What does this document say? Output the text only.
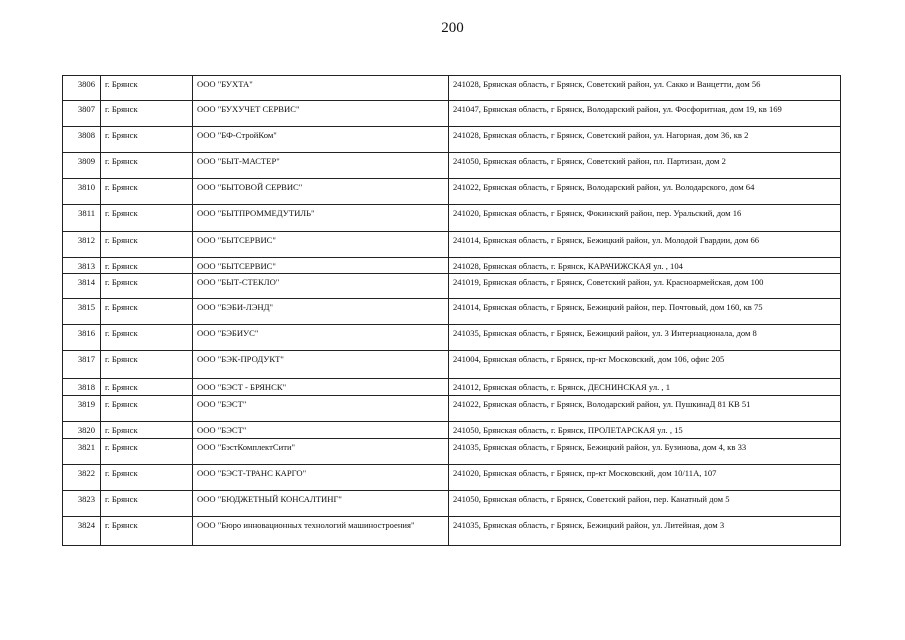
200
3806	г. Брянск	ООО "БУХТА"	241028, Брянская область, г Брянск, Советский район, ул. Сакко и Ванцетти, дом 56
3807	г. Брянск	ООО "БУХУЧЕТ СЕРВИС"	241047, Брянская область, г Брянск, Володарский район, ул. Фосфоритная, дом 19, кв 169
3808	г. Брянск	ООО "БФ-СтройКом"	241028, Брянская область, г Брянск, Советский район, ул. Нагорная, дом 36, кв 2
3809	г. Брянск	ООО "БЫТ-МАСТЕР"	241050, Брянская область, г Брянск, Советский район, пл. Партизан, дом 2
3810	г. Брянск	ООО "БЫТОВОЙ СЕРВИС"	241022, Брянская область, г Брянск, Володарский район, ул. Володарского, дом 64
3811	г. Брянск	ООО "БЫТПРОММЕДУТИЛЬ"	241020, Брянская область, г Брянск, Фокинский район, пер. Уральский, дом 16
3812	г. Брянск	ООО "БЫТСЕРВИС"	241014, Брянская область, г Брянск, Бежицкий район, ул. Молодой Гвардии, дом 66
3813	г. Брянск	ООО "БЫТСЕРВИС"	241028, Брянская область, г. Брянск, КАРАЧИЖСКАЯ ул. , 104
3814	г. Брянск	ООО "БЫТ-СТЕКЛО"	241019, Брянская область, г Брянск, Советский район, ул. Красноармейская, дом 100
3815	г. Брянск	ООО "БЭБИ-ЛЭНД"	241014, Брянская область, г Брянск, Бежицкий район, пер. Почтовый, дом 160, кв 75
3816	г. Брянск	ООО "БЭБИУС"	241035, Брянская область, г Брянск, Бежицкий район, ул. 3 Интернационала, дом 8
3817	г. Брянск	ООО "БЭК-ПРОДУКТ"	241004, Брянская область, г Брянск, пр-кт Московский, дом 106, офис 205
3818	г. Брянск	ООО "БЭСТ - БРЯНСК"	241012, Брянская область, г. Брянск, ДЕСНИНСКАЯ ул. , 1
3819	г. Брянск	ООО "БЭСТ"	241022, Брянская область, г Брянск, Володарский район, ул. ПушкинаД 81 КВ 51
3820	г. Брянск	ООО "БЭСТ"	241050, Брянская область, г. Брянск, ПРОЛЕТАРСКАЯ ул. , 15
3821	г. Брянск	ООО "БэстКомплектСити"	241035, Брянская область, г Брянск, Бежицкий район, ул. Бузинова, дом 4, кв 33
3822	г. Брянск	ООО "БЭСТ-ТРАНС КАРГО"	241020, Брянская область, г Брянск, пр-кт Московский, дом 10/11А, 107
3823	г. Брянск	ООО "БЮДЖЕТНЫЙ КОНСАЛТИНГ"	241050, Брянская область, г Брянск, Советский район, пер. Канатный дом 5
3824	г. Брянск	ООО "Бюро инновационных технологий машиностроения"	241035, Брянская область, г Брянск, Бежицкий район, ул. Литейная, дом 3
